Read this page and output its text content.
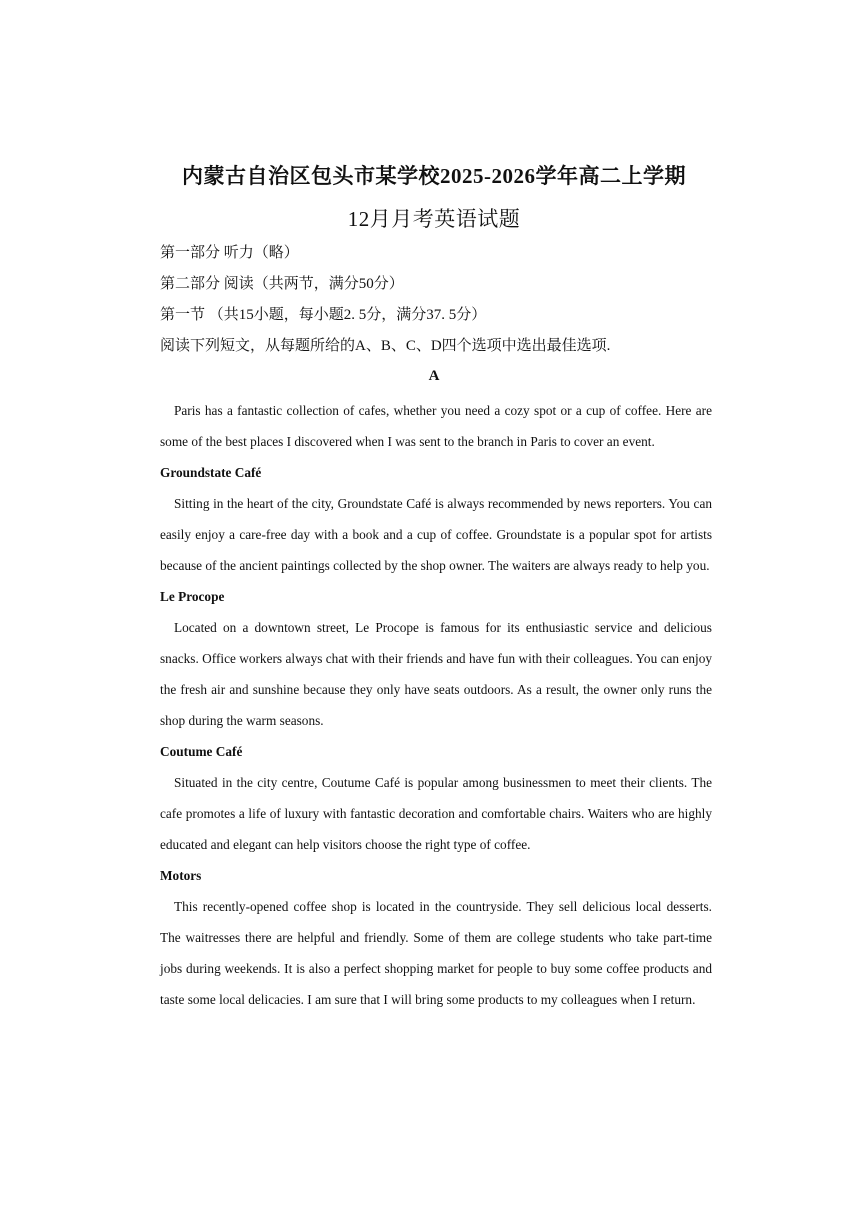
内蒙古自治区包头市某学校2025-2026学年高二上学期
12月月考英语试题

第一部分 听力（略）

第二部分 阅读（共两节，满分50分）

第一节 （共15小题，每小题2. 5分，满分37. 5分）

阅读下列短文，从每题所给的A、B、C、D四个选项中选出最佳选项.

A

Paris has a fantastic collection of cafes, whether you need a cozy spot or a cup of coffee. Here are some of the best places I discovered when I was sent to the branch in Paris to cover an event.

Groundstate Café

Sitting in the heart of the city, Groundstate Café is always recommended by news reporters. You can easily enjoy a care-free day with a book and a cup of coffee. Groundstate is a popular spot for artists because of the ancient paintings collected by the shop owner. The waiters are always ready to help you.

Le Procope

Located on a downtown street, Le Procope is famous for its enthusiastic service and delicious snacks. Office workers always chat with their friends and have fun with their colleagues. You can enjoy the fresh air and sunshine because they only have seats outdoors. As a result, the owner only runs the shop during the warm seasons.

Coutume Café

Situated in the city centre, Coutume Café is popular among businessmen to meet their clients. The cafe promotes a life of luxury with fantastic decoration and comfortable chairs. Waiters who are highly educated and elegant can help visitors choose the right type of coffee.

Motors

This recently-opened coffee shop is located in the countryside. They sell delicious local desserts. The waitresses there are helpful and friendly. Some of them are college students who take part-time jobs during weekends. It is also a perfect shopping market for people to buy some coffee products and taste some local delicacies. I am sure that I will bring some products to my colleagues when I return.
